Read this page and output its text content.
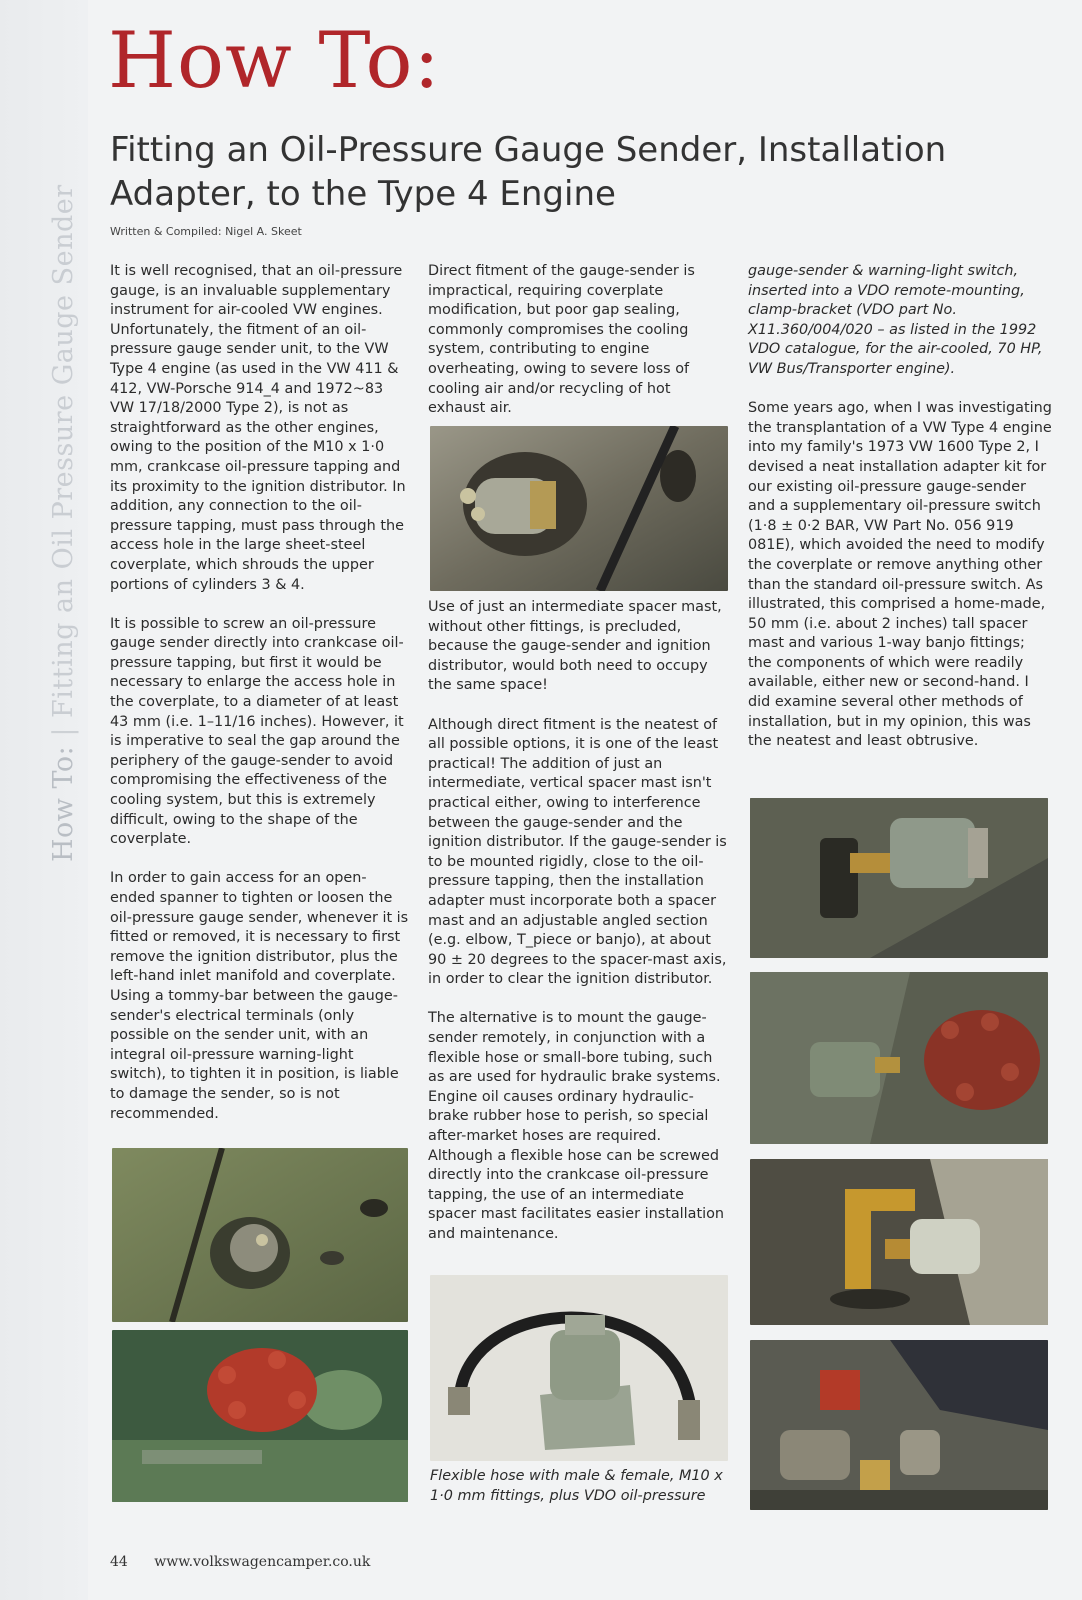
How To: | Fitting an Oil Pressure Gauge Sender
How To:
Fitting an Oil-Pressure Gauge Sender, Installation Adapter, to the Type 4 Engine
Written & Compiled: Nigel A. Skeet

It is well recognised, that an oil-pressure gauge, is an invaluable supplementary instrument for air-cooled VW engines. Unfortunately, the fitment of an oil-pressure gauge sender unit, to the VW Type 4 engine (as used in the VW 411 & 412, VW-Porsche 914_4 and 1972~83 VW 17/18/2000 Type 2), is not as straightforward as the other engines, owing to the position of the M10 x 1·0 mm, crankcase oil-pressure tapping and its proximity to the ignition distributor. In addition, any connection to the oil-pressure tapping, must pass through the access hole in the large sheet-steel coverplate, which shrouds the upper portions of cylinders 3 & 4.

It is possible to screw an oil-pressure gauge sender directly into crankcase oil-pressure tapping, but first it would be necessary to enlarge the access hole in the coverplate, to a diameter of at least 43 mm (i.e. 1–11/16 inches). However, it is imperative to seal the gap around the periphery of the gauge-sender to avoid compromising the effectiveness of the cooling system, but this is extremely difficult, owing to the shape of the coverplate.

In order to gain access for an open-ended spanner to tighten or loosen the oil-pressure gauge sender, whenever it is fitted or removed, it is necessary to first remove the ignition distributor, plus the left-hand inlet manifold and coverplate. Using a tommy-bar between the gauge-sender's electrical terminals (only possible on the sender unit, with an integral oil-pressure warning-light switch), to tighten it in position, is liable to damage the sender, so is not recommended.

Direct fitment of the gauge-sender is impractical, requiring coverplate modification, but poor gap sealing, commonly compromises the cooling system, contributing to engine overheating, owing to severe loss of cooling air and/or recycling of hot exhaust air.

Use of just an intermediate spacer mast, without other fittings, is precluded, because the gauge-sender and ignition distributor, would both need to occupy the same space!

Although direct fitment is the neatest of all possible options, it is one of the least practical! The addition of just an intermediate, vertical spacer mast isn't practical either, owing to interference between the gauge-sender and the ignition distributor. If the gauge-sender is to be mounted rigidly, close to the oil-pressure tapping, then the installation adapter must incorporate both a spacer mast and an adjustable angled section (e.g. elbow, T_piece or banjo), at about 90 ± 20 degrees to the spacer-mast axis, in order to clear the ignition distributor.

The alternative is to mount the gauge-sender remotely, in conjunction with a flexible hose or small-bore tubing, such as are used for hydraulic brake systems. Engine oil causes ordinary hydraulic-brake rubber hose to perish, so special after-market hoses are required. Although a flexible hose can be screwed directly into the crankcase oil-pressure tapping, the use of an intermediate spacer mast facilitates easier installation and maintenance.

Flexible hose with male & female, M10 x 1·0 mm fittings, plus VDO oil-pressure

gauge-sender & warning-light switch, inserted into a VDO remote-mounting, clamp-bracket (VDO part No. X11.360/004/020 – as listed in the 1992 VDO catalogue, for the air-cooled, 70 HP, VW Bus/Transporter engine).

Some years ago, when I was investigating the transplantation of a VW Type 4 engine into my family's 1973 VW 1600 Type 2, I devised a neat installation adapter kit for our existing oil-pressure gauge-sender and a supplementary oil-pressure switch (1·8 ± 0·2 BAR, VW Part No. 056 919 081E), which avoided the need to modify the coverplate or remove anything other than the standard oil-pressure switch. As illustrated, this comprised a home-made, 50 mm (i.e. about 2 inches) tall spacer mast and various 1-way banjo fittings; the components of which were readily available, either new or second-hand. I did examine several other methods of installation, but in my opinion, this was the neatest and least obtrusive.

44 www.volkswagencamper.co.uk
